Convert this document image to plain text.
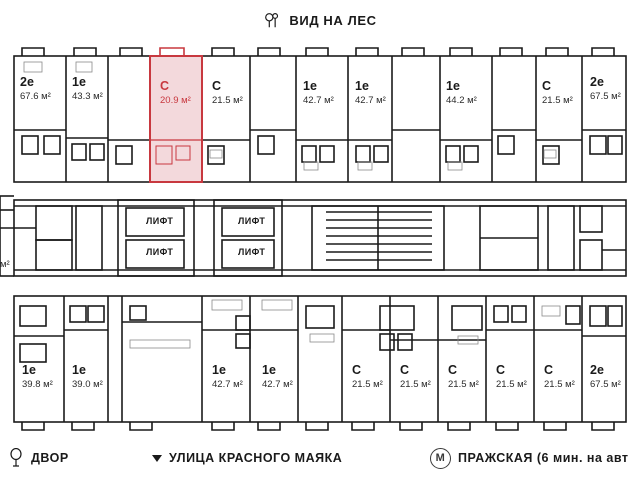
ВИД НА ЛЕС
ЛИФТ
ЛИФТ
ЛИФТ
ЛИФТ
2е
67.6 м²
1е
43.3 м²
С
20.9 м²
С
21.5 м²
1е
42.7 м²
1е
42.7 м²
1е
44.2 м²
С
21.5 м²
2е
67.5 м²
1е
39.8 м²
1е
39.0 м²
1е
42.7 м²
1е
42.7 м²
С
21.5 м²
С
21.5 м²
С
21.5 м²
С
21.5 м²
С
21.5 м²
2е
67.5 м²
м²
ДВОР	УЛИЦА КРАСНОГО МАЯКА	М	ПРАЖСКАЯ (6 мин. на авт
